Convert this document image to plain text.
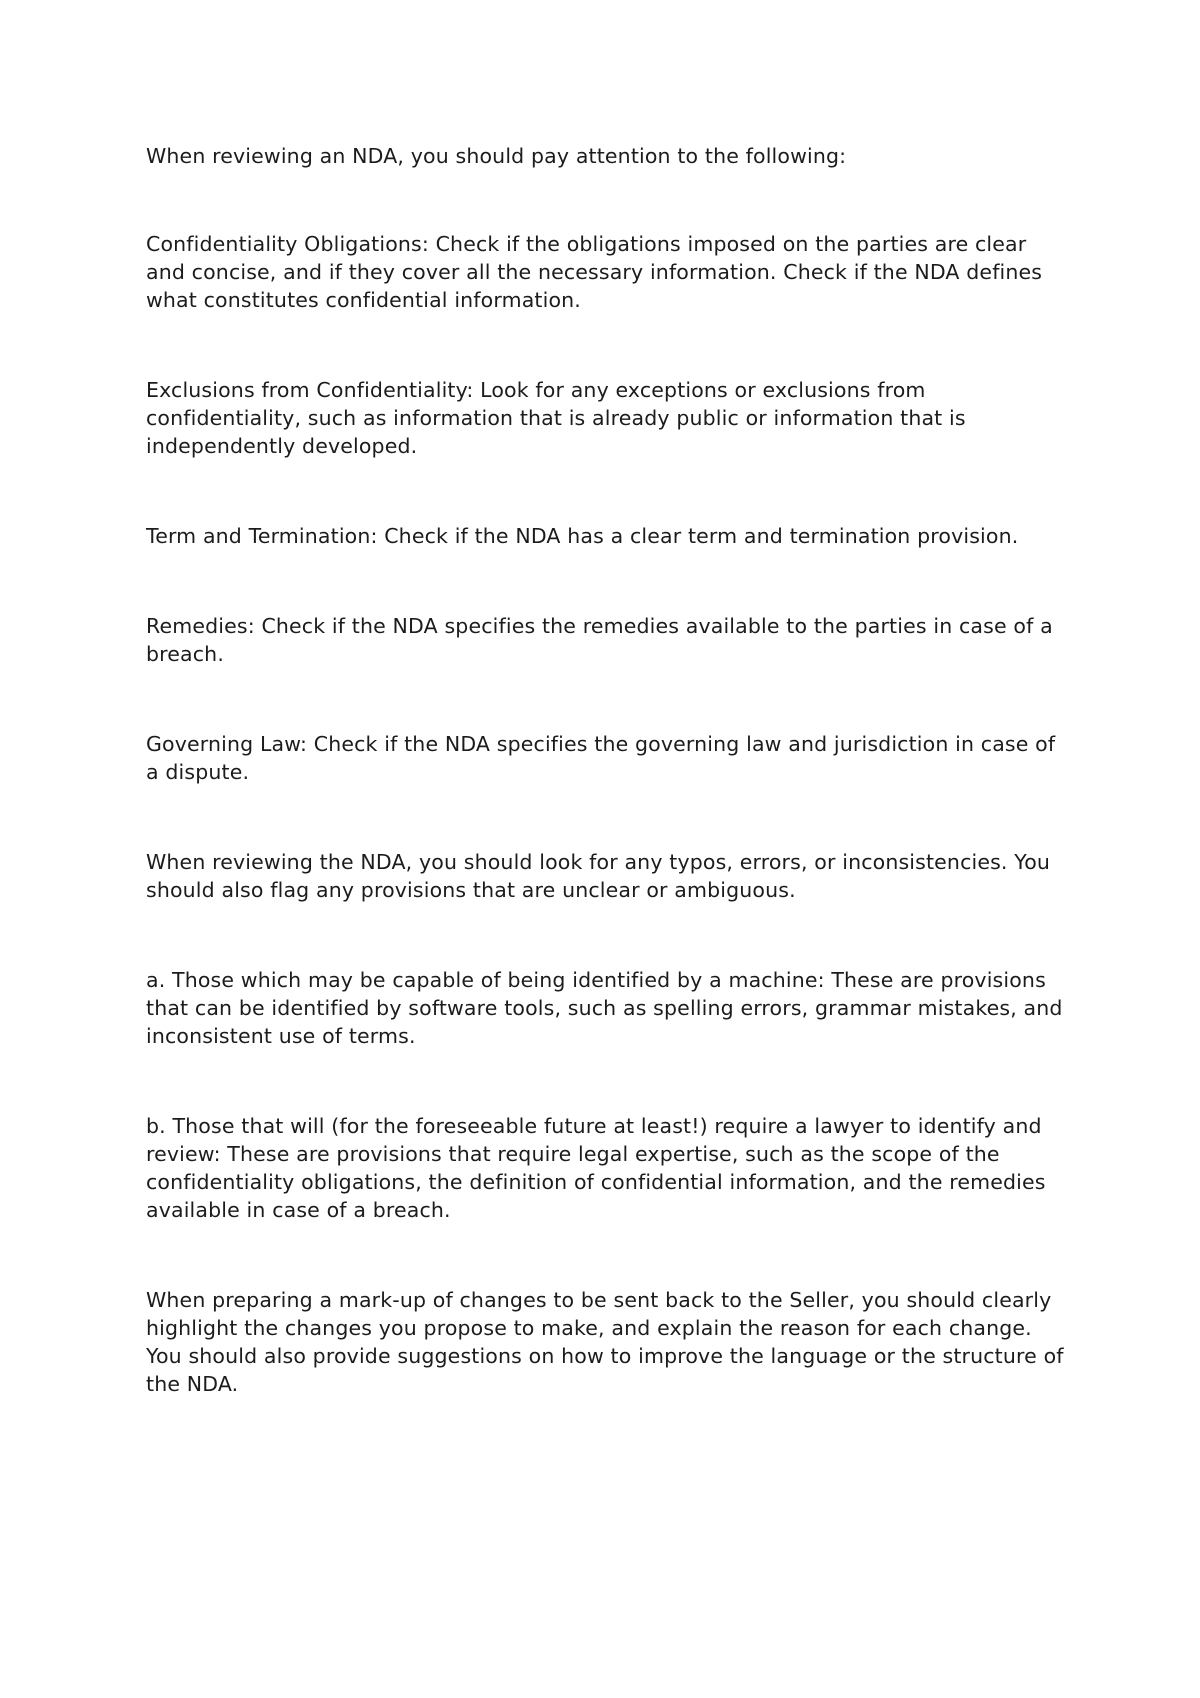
When reviewing an NDA, you should pay attention to the following:

Confidentiality Obligations: Check if the obligations imposed on the parties are clear and concise, and if they cover all the necessary information. Check if the NDA defines what constitutes confidential information.

Exclusions from Confidentiality: Look for any exceptions or exclusions from confidentiality, such as information that is already public or information that is independently developed.

Term and Termination: Check if the NDA has a clear term and termination provision.

Remedies: Check if the NDA specifies the remedies available to the parties in case of a breach.

Governing Law: Check if the NDA specifies the governing law and jurisdiction in case of a dispute.

When reviewing the NDA, you should look for any typos, errors, or inconsistencies. You should also flag any provisions that are unclear or ambiguous.

a. Those which may be capable of being identified by a machine: These are provisions that can be identified by software tools, such as spelling errors, grammar mistakes, and inconsistent use of terms.

b. Those that will (for the foreseeable future at least!) require a lawyer to identify and review: These are provisions that require legal expertise, such as the scope of the confidentiality obligations, the definition of confidential information, and the remedies available in case of a breach.

When preparing a mark-up of changes to be sent back to the Seller, you should clearly highlight the changes you propose to make, and explain the reason for each change. You should also provide suggestions on how to improve the language or the structure of the NDA.
